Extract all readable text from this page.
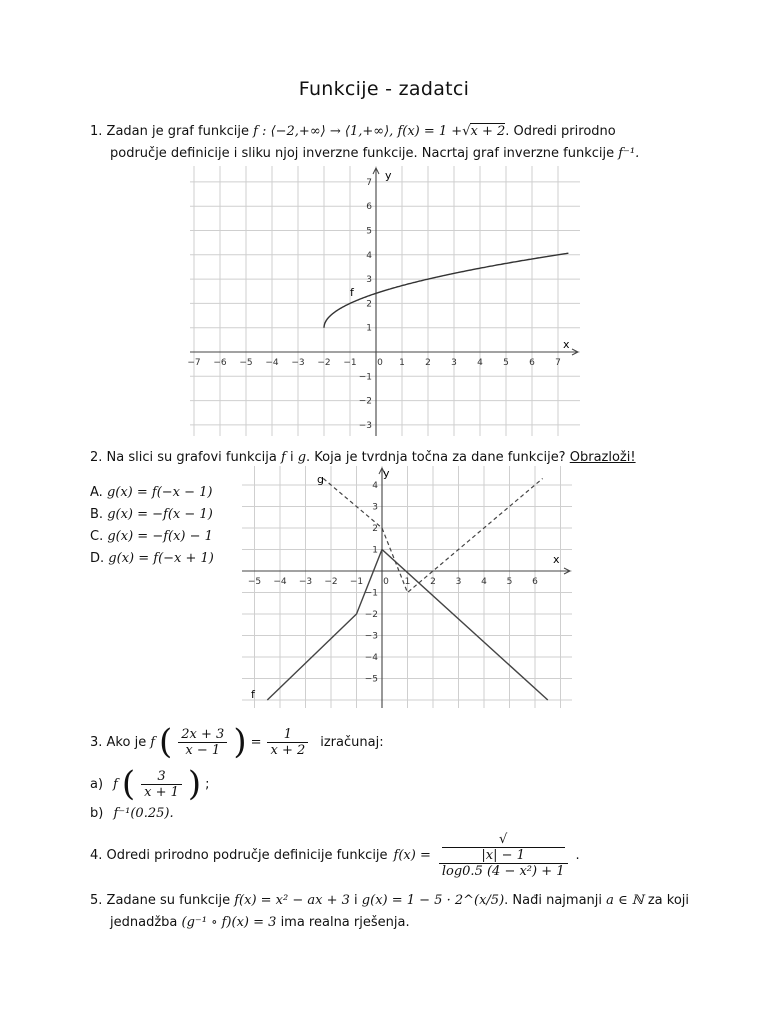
Funkcije - zadatci
1. Zadan je graf funkcije f : ⟨−2,+∞⟩ → ⟨1,+∞⟩, f(x) = 1 +√x + 2. Odredi prirodno
područje definicije i sliku njoj inverzne funkcije. Nacrtaj graf inverzne funkcije f⁻¹.
−7 −6 −5 −4 −3 −2 −1 0 1 2 3 4 5 6 7
7
6
5
4
3
2
1
−1
−2
−3
f
x
y
2. Na slici su grafovi funkcija f i g. Koja je tvrdnja točna za dane funkcije? Obrazloži!
A. g(x) = f(−x − 1)
B. g(x) = −f(x − 1)
C. g(x) = −f(x) − 1
D. g(x) = f(−x + 1)
−5 −4 −3 −2 −1 0 1 2 3 4 5 6
4
3
2
1
−1
−2
−3
−4
−5
g
f
x
y
3. Ako je f ( $\frac{2x + 3}{x - 1}$ ) = $\frac{1}{x + 2}$ izračunaj:
a) f ( $\frac{3}{x + 1}$ ) ;
b) f⁻¹(0.25).
4. Odredi prirodno područje definicije funkcije f(x) = √
|x| − 1
log0.5 (4 − x²) + 1 .
5. Zadane su funkcije f(x) = x² − ax + 3 i g(x) = 1 − 5 · 2^(x/5). Nađi najmanji a ∈ ℕ za koji
jednadžba (g⁻¹ ∘ f)(x) = 3 ima realna rješenja.
